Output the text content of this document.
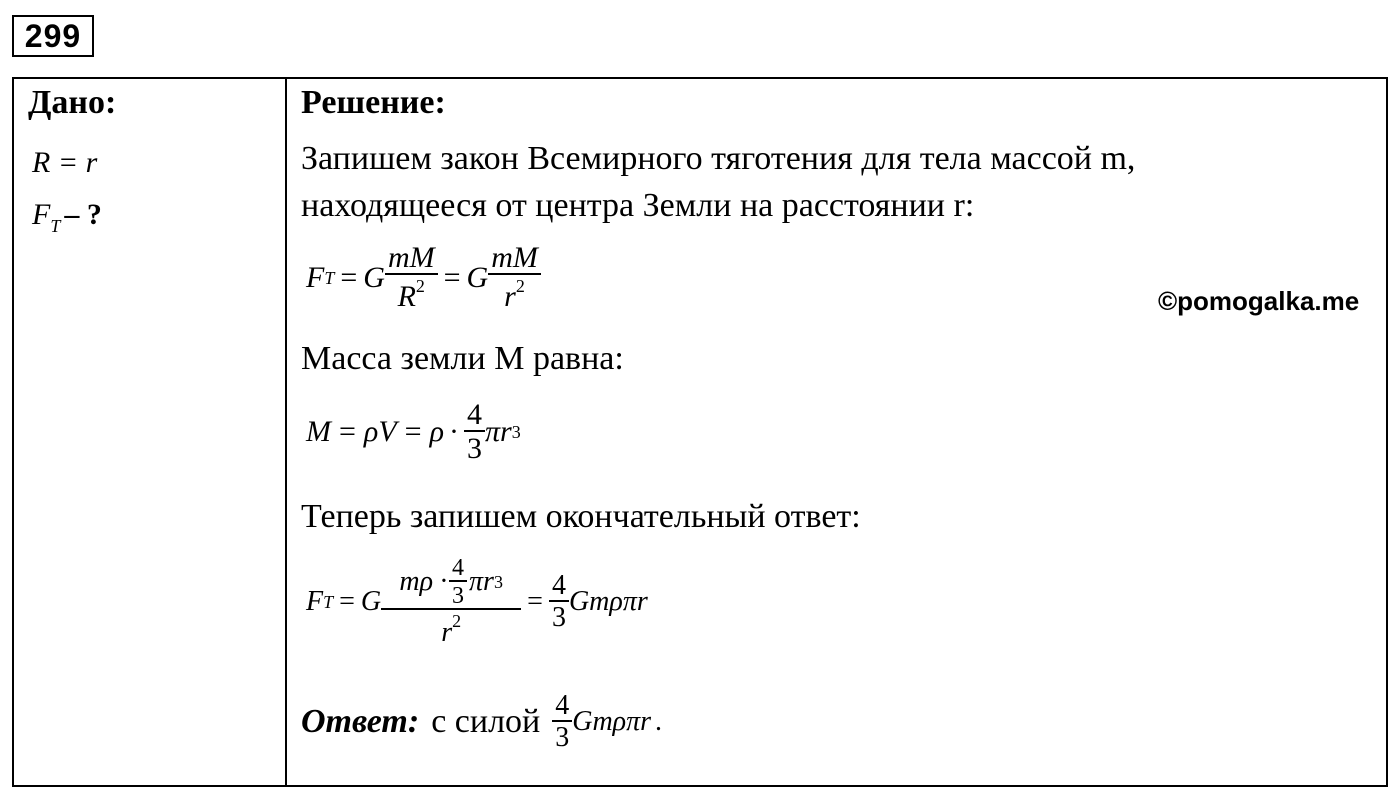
299
Дано:
R = r
$F_T$ – ?
Решение:
Запишем закон Всемирного тяготения для тела массой m,
находящееся от центра Земли на расстоянии r:
F T = G $\frac{mM}{R^2} = G \frac{mM}{r^2}$	©pomogalka.me
Масса земли M равна:
$M = \rho V = \rho \cdot \frac{4}{3}$ πr 3
Теперь запишем окончательный ответ:
F T = G $\frac{m\rho \cdot \frac{4}{3} \pi r 3}{r^2} = \frac{4}{3}$ Gmρπr
Ответ: с силой $\frac{4}{3}$ Gmρπr .
